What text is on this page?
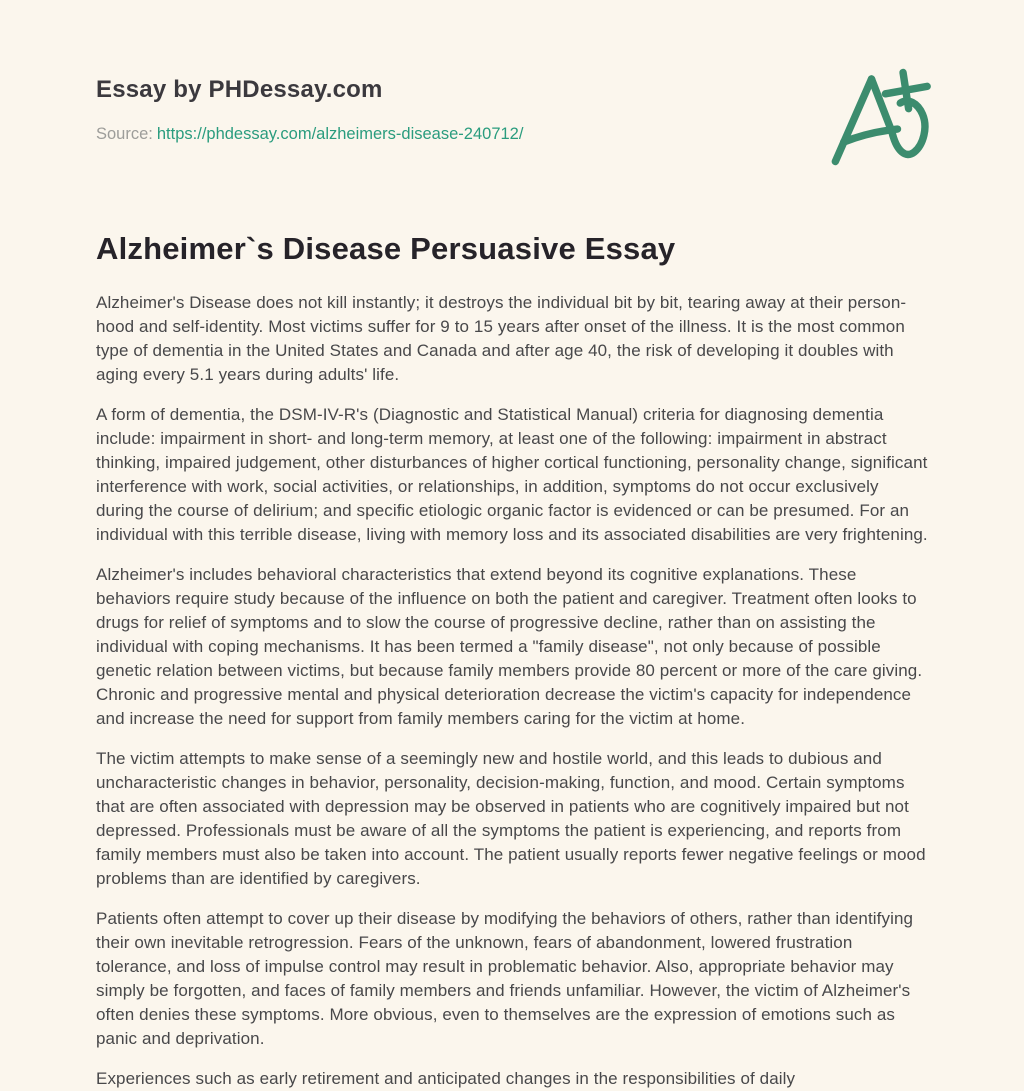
Essay by PHDessay.com
Source: https://phdessay.com/alzheimers-disease-240712/
Alzheimer`s Disease Persuasive Essay

Alzheimer's Disease does not kill instantly; it destroys the individual bit by bit, tearing away at their person-hood and self-identity. Most victims suffer for 9 to 15 years after onset of the illness. It is the most common type of dementia in the United States and Canada and after age 40, the risk of developing it doubles with aging every 5.1 years during adults' life.

A form of dementia, the DSM-IV-R's (Diagnostic and Statistical Manual) criteria for diagnosing dementia include: impairment in short- and long-term memory, at least one of the following: impairment in abstract thinking, impaired judgement, other disturbances of higher cortical functioning, personality change, significant interference with work, social activities, or relationships, in addition, symptoms do not occur exclusively during the course of delirium; and specific etiologic organic factor is evidenced or can be presumed. For an individual with this terrible disease, living with memory loss and its associated disabilities are very frightening.

Alzheimer's includes behavioral characteristics that extend beyond its cognitive explanations. These behaviors require study because of the influence on both the patient and caregiver. Treatment often looks to drugs for relief of symptoms and to slow the course of progressive decline, rather than on assisting the individual with coping mechanisms. It has been termed a "family disease", not only because of possible genetic relation between victims, but because family members provide 80 percent or more of the care giving. Chronic and progressive mental and physical deterioration decrease the victim's capacity for independence and increase the need for support from family members caring for the victim at home.

The victim attempts to make sense of a seemingly new and hostile world, and this leads to dubious and uncharacteristic changes in behavior, personality, decision-making, function, and mood. Certain symptoms that are often associated with depression may be observed in patients who are cognitively impaired but not depressed. Professionals must be aware of all the symptoms the patient is experiencing, and reports from family members must also be taken into account. The patient usually reports fewer negative feelings or mood problems than are identified by caregivers.

Patients often attempt to cover up their disease by modifying the behaviors of others, rather than identifying their own inevitable retrogression. Fears of the unknown, fears of abandonment, lowered frustration tolerance, and loss of impulse control may result in problematic behavior. Also, appropriate behavior may simply be forgotten, and faces of family members and friends unfamiliar. However, the victim of Alzheimer's often denies these symptoms. More obvious, even to themselves are the expression of emotions such as panic and deprivation.

Experiences such as early retirement and anticipated changes in the responsibilities of daily
